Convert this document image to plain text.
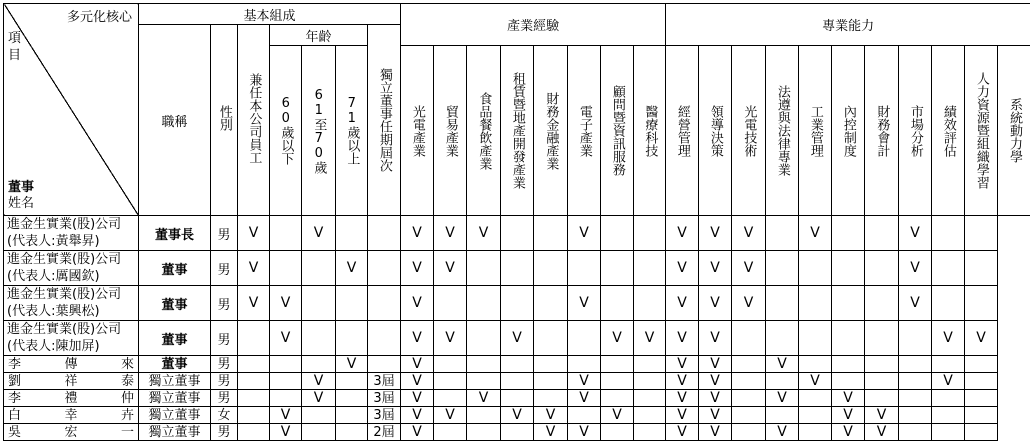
多元化核心
項
目
董事
姓名	基本組成							產業經驗								專業能力										
	職稱	性別	兼任本公司員工	年齡			獨立董事任期屆次																			
				60歲以下	61至70歲	71歲以上		光電產業	貿易產業	食品餐飲產業	租賃暨地產開發產業	財務金融產業	電子產業	顧問暨資訊服務	醫療科技	經營管理	領導決策	光電技術	法遵與法律專業	工業管理	內控制度	財務會計	市場分析	績效評估	人力資源暨組織學習	系統動力學

進金生實業(股)公司
(代表人:黃舉昇)	董事長	男	V		V			V	V	V			V			V	V	V		V			V			

進金生實業(股)公司
(代表人:厲國欽)	董事	男	V			V		V	V							V	V	V					V			

進金生實業(股)公司
(代表人:葉興松)	董事	男	V	V				V					V			V	V	V					V			

進金生實業(股)公司
(代表人:陳加屏)	董事	男		V				V	V		V			V	V	V	V							V	V	

李 傳 來	董事	男				V		V								V	V		V							

劉 祥 泰	獨立董事	男			V		3屆	V					V			V	V			V				V		

李 禮 仲	獨立董事	男			V		3屆	V		V			V			V	V		V		V					

白 幸 卉	獨立董事	女		V			3屆	V	V		V	V		V		V	V				V	V				

吳 宏 一	獨立董事	男		V			2屆	V				V	V			V	V		V		V	V				
